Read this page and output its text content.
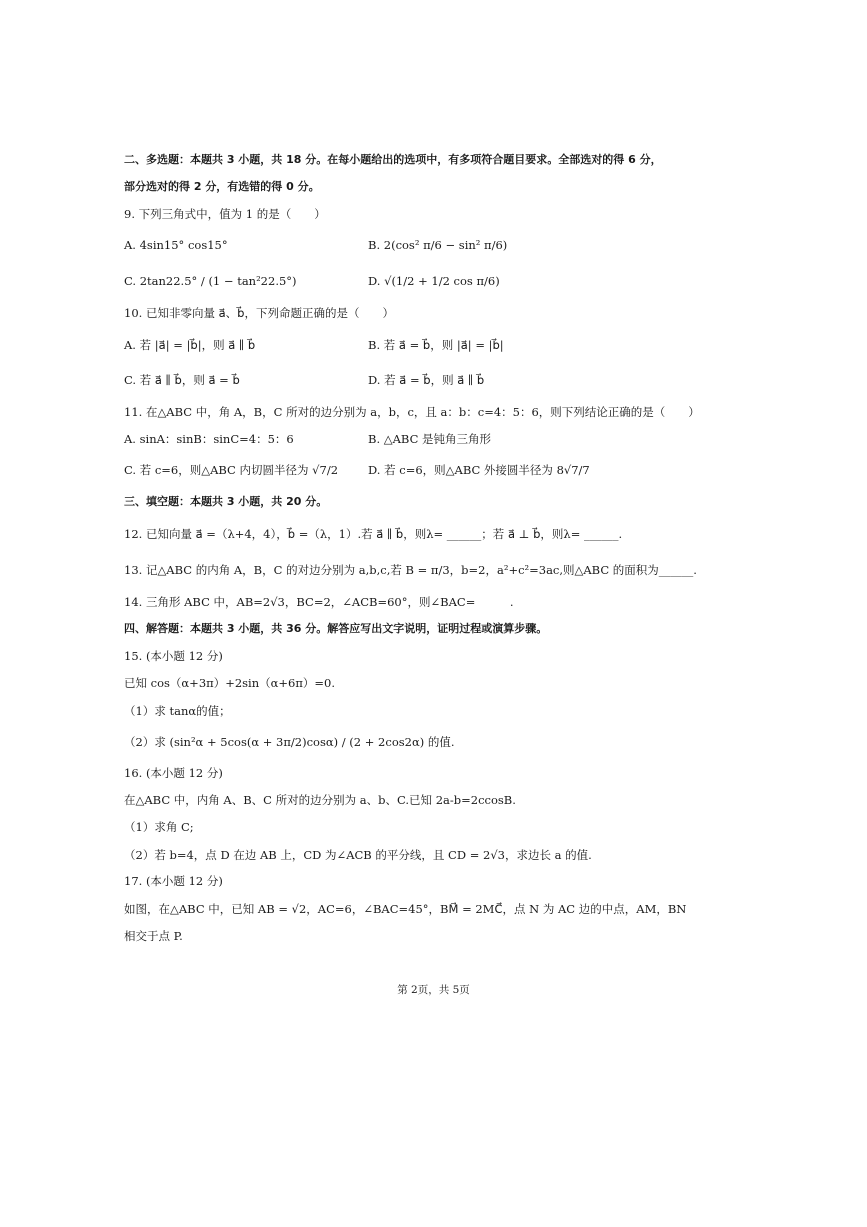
二、多选题：本题共 3 小题，共 18 分。在每小题给出的选项中，有多项符合题目要求。全部选对的得 6 分，
部分选对的得 2 分，有选错的得 0 分。
9. 下列三角式中，值为 1 的是（　　）
A. 4sin15° cos15°	B. 2(cos² π/6 − sin² π/6)
C. 2tan22.5° / (1 − tan²22.5°)	D. √(1/2 + 1/2 cos π/6)
10. 已知非零向量 a⃗、b⃗，下列命题正确的是（　　）
A. 若 |a⃗| = |b⃗|，则 a⃗ ∥ b⃗	B. 若 a⃗ = b⃗，则 |a⃗| = |b⃗|
C. 若 a⃗ ∥ b⃗，则 a⃗ = b⃗	D. 若 a⃗ = b⃗，则 a⃗ ∥ b⃗
11. 在△ABC 中，角 A，B，C 所对的边分别为 a，b，c，且 a：b：c=4：5：6，则下列结论正确的是（　　）
A. sinA：sinB：sinC=4：5：6	B. △ABC 是钝角三角形
C. 若 c=6，则△ABC 内切圆半径为 √7/2	D. 若 c=6，则△ABC 外接圆半径为 8√7/7
三、填空题：本题共 3 小题，共 20 分。
12. 已知向量 a⃗ =（λ+4，4），b⃗ =（λ，1）.若 a⃗ ∥ b⃗，则λ= ______；若 a⃗ ⊥ b⃗，则λ= ______.
13. 记△ABC 的内角 A，B，C 的对边分别为 a,b,c,若 B = π/3，b=2，a²+c²=3ac,则△ABC 的面积为______.
14. 三角形 ABC 中，AB=2√3，BC=2，∠ACB=60°，则∠BAC=　　　.
四、解答题：本题共 3 小题，共 36 分。解答应写出文字说明，证明过程或演算步骤。
15. (本小题 12 分)
已知 cos（α+3π）+2sin（α+6π）=0.
（1）求 tanα的值；
（2）求 (sin²α + 5cos(α + 3π/2)cosα) / (2 + 2cos2α) 的值.
16. (本小题 12 分)
在△ABC 中，内角 A、B、C 所对的边分别为 a、b、C.已知 2a-b=2ccosB.
（1）求角 C;
（2）若 b=4，点 D 在边 AB 上，CD 为∠ACB 的平分线，且 CD = 2√3，求边长 a 的值.
17. (本小题 12 分)
如图，在△ABC 中，已知 AB = √2，AC=6，∠BAC=45°，BM⃗ = 2MC⃗，点 N 为 AC 边的中点，AM，BN
相交于点 P.
第 2页，共 5页
